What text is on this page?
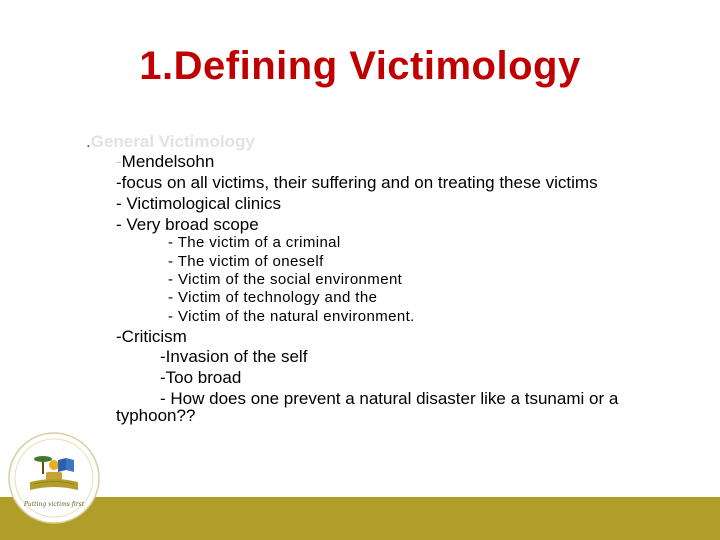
1.Defining Victimology
.General Victimology
-Mendelsohn
-focus on all victims, their suffering and on treating these victims
- Victimological clinics
- Very broad scope
- The victim of a criminal
- The victim of oneself
- Victim of the social environment
- Victim of technology and the
- Victim of the natural environment.
-Criticism
-Invasion of the self
-Too broad
- How does one prevent a natural disaster like a tsunami or a
typhoon??
Putting victims first
